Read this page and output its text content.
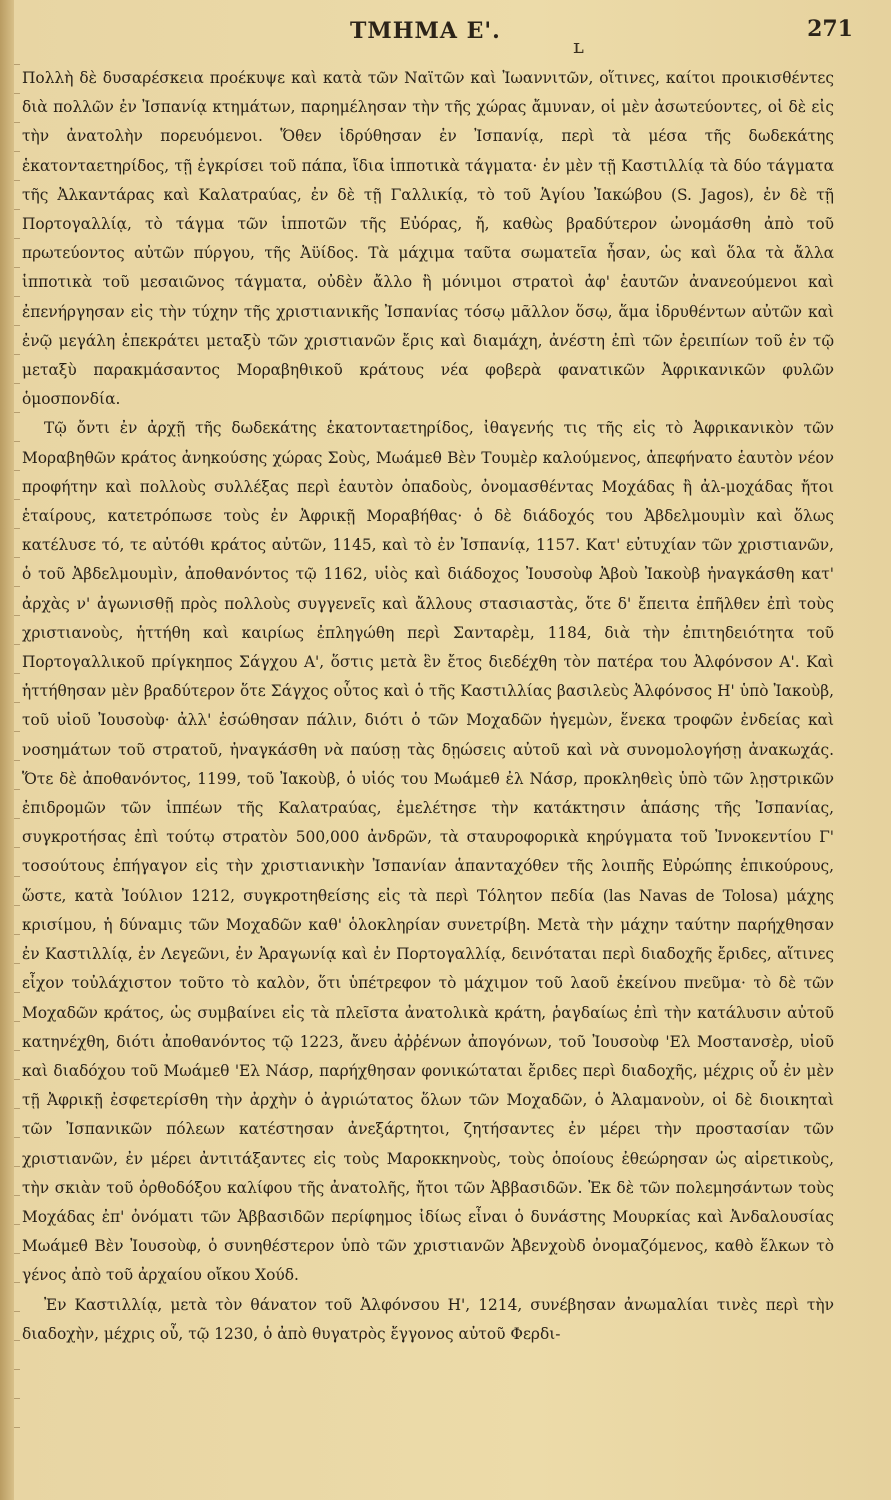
ΤΜΗΜΑ Ε'.
ʟ
271

Πολλὴ δὲ δυσαρέσκεια προέκυψε καὶ κατὰ τῶν Ναϊτῶν καὶ Ἰωαννιτῶν, οἵτινες, καίτοι προικισθέντες διὰ πολλῶν ἐν Ἰσπανίᾳ κτημάτων, παρημέλησαν τὴν τῆς χώρας ἄμυναν, οἱ μὲν ἀσωτεύοντες, οἱ δὲ εἰς τὴν ἀνατολὴν πορευόμενοι. Ὅθεν ἱδρύθησαν ἐν Ἰσπανίᾳ, περὶ τὰ μέσα τῆς δωδεκάτης ἑκατονταετηρίδος, τῇ ἐγκρίσει τοῦ πάπα, ἴδια ἱπποτικὰ τάγματα· ἐν μὲν τῇ Καστιλλίᾳ τὰ δύο τάγματα τῆς Ἀλκαντάρας καὶ Καλατραύας, ἐν δὲ τῇ Γαλλικίᾳ, τὸ τοῦ Ἁγίου Ἰακώβου (S. Jagos), ἐν δὲ τῇ Πορτογαλλίᾳ, τὸ τάγμα τῶν ἱπποτῶν τῆς Εὐόρας, ἤ, καθὼς βραδύτερον ὠνομάσθη ἀπὸ τοῦ πρωτεύοντος αὐτῶν πύργου, τῆς Ἀϋίδος. Τὰ μάχιμα ταῦτα σωματεῖα ἦσαν, ὡς καὶ ὅλα τὰ ἄλλα ἱπποτικὰ τοῦ μεσαιῶνος τάγματα, οὐδὲν ἄλλο ἢ μόνιμοι στρατοὶ ἀφ' ἑαυτῶν ἀνανεούμενοι καὶ ἐπενήργησαν εἰς τὴν τύχην τῆς χριστιανικῆς Ἰσπανίας τόσῳ μᾶλλον ὅσῳ, ἅμα ἱδρυθέντων αὐτῶν καὶ ἐνῷ μεγάλη ἐπεκράτει μεταξὺ τῶν χριστιανῶν ἔρις καὶ διαμάχη, ἀνέστη ἐπὶ τῶν ἐρειπίων τοῦ ἐν τῷ μεταξὺ παρακμάσαντος Μοραβηθικοῦ κράτους νέα φοβερὰ φανατικῶν Ἀφρικανικῶν φυλῶν ὁμοσπονδία.

Τῷ ὄντι ἐν ἀρχῇ τῆς δωδεκάτης ἑκατονταετηρίδος, ἰθαγενής τις τῆς εἰς τὸ Ἀφρικανικὸν τῶν Μοραβηθῶν κράτος ἀνηκούσης χώρας Σοὺς, Μωάμεθ Βὲν Τουμὲρ καλούμενος, ἀπεφήνατο ἑαυτὸν νέον προφήτην καὶ πολλοὺς συλλέξας περὶ ἑαυτὸν ὀπαδοὺς, ὀνομασθέντας Μοχάδας ἢ ἀλ-μοχάδας ἤτοι ἑταίρους, κατετρόπωσε τοὺς ἐν Ἀφρικῇ Μοραβήθας· ὁ δὲ διάδοχός του Ἀβδελμουμὶν καὶ ὅλως κατέλυσε τό, τε αὐτόθι κράτος αὐτῶν, 1145, καὶ τὸ ἐν Ἰσπανίᾳ, 1157. Κατ' εὐτυχίαν τῶν χριστιανῶν, ὁ τοῦ Ἀβδελμουμὶν, ἀποθανόντος τῷ 1162, υἱὸς καὶ διάδοχος Ἰουσοὺφ Ἀβοὺ Ἰακοὺβ ἠναγκάσθη κατ' ἀρχὰς ν' ἀγωνισθῇ πρὸς πολλοὺς συγγενεῖς καὶ ἄλλους στασιαστὰς, ὅτε δ' ἔπειτα ἐπῆλθεν ἐπὶ τοὺς χριστιανοὺς, ἡττήθη καὶ καιρίως ἐπληγώθη περὶ Σανταρὲμ, 1184, διὰ τὴν ἐπιτηδειότητα τοῦ Πορτογαλλικοῦ πρίγκηπος Σάγχου Α', ὅστις μετὰ ἓν ἔτος διεδέχθη τὸν πατέρα του Ἀλφόνσον Α'. Καὶ ἡττήθησαν μὲν βραδύτερον ὅτε Σάγχος οὗτος καὶ ὁ τῆς Καστιλλίας βασιλεὺς Ἀλφόνσος Η' ὑπὸ Ἰακοὺβ, τοῦ υἱοῦ Ἰουσοὺφ· ἀλλ' ἐσώθησαν πάλιν, διότι ὁ τῶν Μοχαδῶν ἡγεμὼν, ἕνεκα τροφῶν ἐνδείας καὶ νοσημάτων τοῦ στρατοῦ, ἠναγκάσθη νὰ παύσῃ τὰς δῃώσεις αὐτοῦ καὶ νὰ συνομολογήσῃ ἀνακωχάς. Ὅτε δὲ ἀποθανόντος, 1199, τοῦ Ἰακοὺβ, ὁ υἱός του Μωάμεθ ἐλ Νάσρ, προκληθεὶς ὑπὸ τῶν λῃστρικῶν ἐπιδρομῶν τῶν ἱππέων τῆς Καλατραύας, ἐμελέτησε τὴν κατάκτησιν ἁπάσης τῆς Ἰσπανίας, συγκροτήσας ἐπὶ τούτῳ στρατὸν 500,000 ἀνδρῶν, τὰ σταυροφορικὰ κηρύγματα τοῦ Ἰννοκεντίου Γ' τοσούτους ἐπήγαγον εἰς τὴν χριστιανικὴν Ἰσπανίαν ἁπανταχόθεν τῆς λοιπῆς Εὐρώπης ἐπικούρους, ὥστε, κατὰ Ἰούλιον 1212, συγκροτηθείσης εἰς τὰ περὶ Τόλητον πεδία (las Navas de Tolosa) μάχης κρισίμου, ἡ δύναμις τῶν Μοχαδῶν καθ' ὁλοκληρίαν συνετρίβη. Μετὰ τὴν μάχην ταύτην παρήχθησαν ἐν Καστιλλίᾳ, ἐν Λεγεῶνι, ἐν Ἀραγωνίᾳ καὶ ἐν Πορτογαλλίᾳ, δεινόταται περὶ διαδοχῆς ἔριδες, αἵτινες εἶχον τοὐλάχιστον τοῦτο τὸ καλὸν, ὅτι ὑπέτρεφον τὸ μάχιμον τοῦ λαοῦ ἐκείνου πνεῦμα· τὸ δὲ τῶν Μοχαδῶν κράτος, ὡς συμβαίνει εἰς τὰ πλεῖστα ἀνατολικὰ κράτη, ῥαγδαίως ἐπὶ τὴν κατάλυσιν αὐτοῦ κατηνέχθη, διότι ἀποθανόντος τῷ 1223, ἄνευ ἀῤῥένων ἀπογόνων, τοῦ Ἰουσοὺφ 'Ελ Μοστανσὲρ, υἱοῦ καὶ διαδόχου τοῦ Μωάμεθ 'Ελ Νάσρ, παρήχθησαν φονικώταται ἔριδες περὶ διαδοχῆς, μέχρις οὗ ἐν μὲν τῇ Ἀφρικῇ ἐσφετερίσθη τὴν ἀρχὴν ὁ ἀγριώτατος ὅλων τῶν Μοχαδῶν, ὁ Ἀλαμανοὺν, οἱ δὲ διοικηταὶ τῶν Ἰσπανικῶν πόλεων κατέστησαν ἀνεξάρτητοι, ζητήσαντες ἐν μέρει τὴν προστασίαν τῶν χριστιανῶν, ἐν μέρει ἀντιτάξαντες εἰς τοὺς Μαροκκηνοὺς, τοὺς ὁποίους ἐθεώρησαν ὡς αἱρετικοὺς, τὴν σκιὰν τοῦ ὀρθοδόξου καλίφου τῆς ἀνατολῆς, ἤτοι τῶν Ἀββασιδῶν. Ἐκ δὲ τῶν πολεμησάντων τοὺς Μοχάδας ἐπ' ὀνόματι τῶν Ἀββασιδῶν περίφημος ἰδίως εἶναι ὁ δυνάστης Μουρκίας καὶ Ἀνδαλουσίας Μωάμεθ Βὲν Ἰουσοὺφ, ὁ συνηθέστερον ὑπὸ τῶν χριστιανῶν Ἀβενχοὺδ ὀνομαζόμενος, καθὸ ἕλκων τὸ γένος ἀπὸ τοῦ ἀρχαίου οἴκου Χούδ.

Ἐν Καστιλλίᾳ, μετὰ τὸν θάνατον τοῦ Ἀλφόνσου Η', 1214, συνέβησαν ἀνωμαλίαι τινὲς περὶ τὴν διαδοχὴν, μέχρις οὗ, τῷ 1230, ὁ ἀπὸ θυγατρὸς ἔγγονος αὐτοῦ Φερδι-
